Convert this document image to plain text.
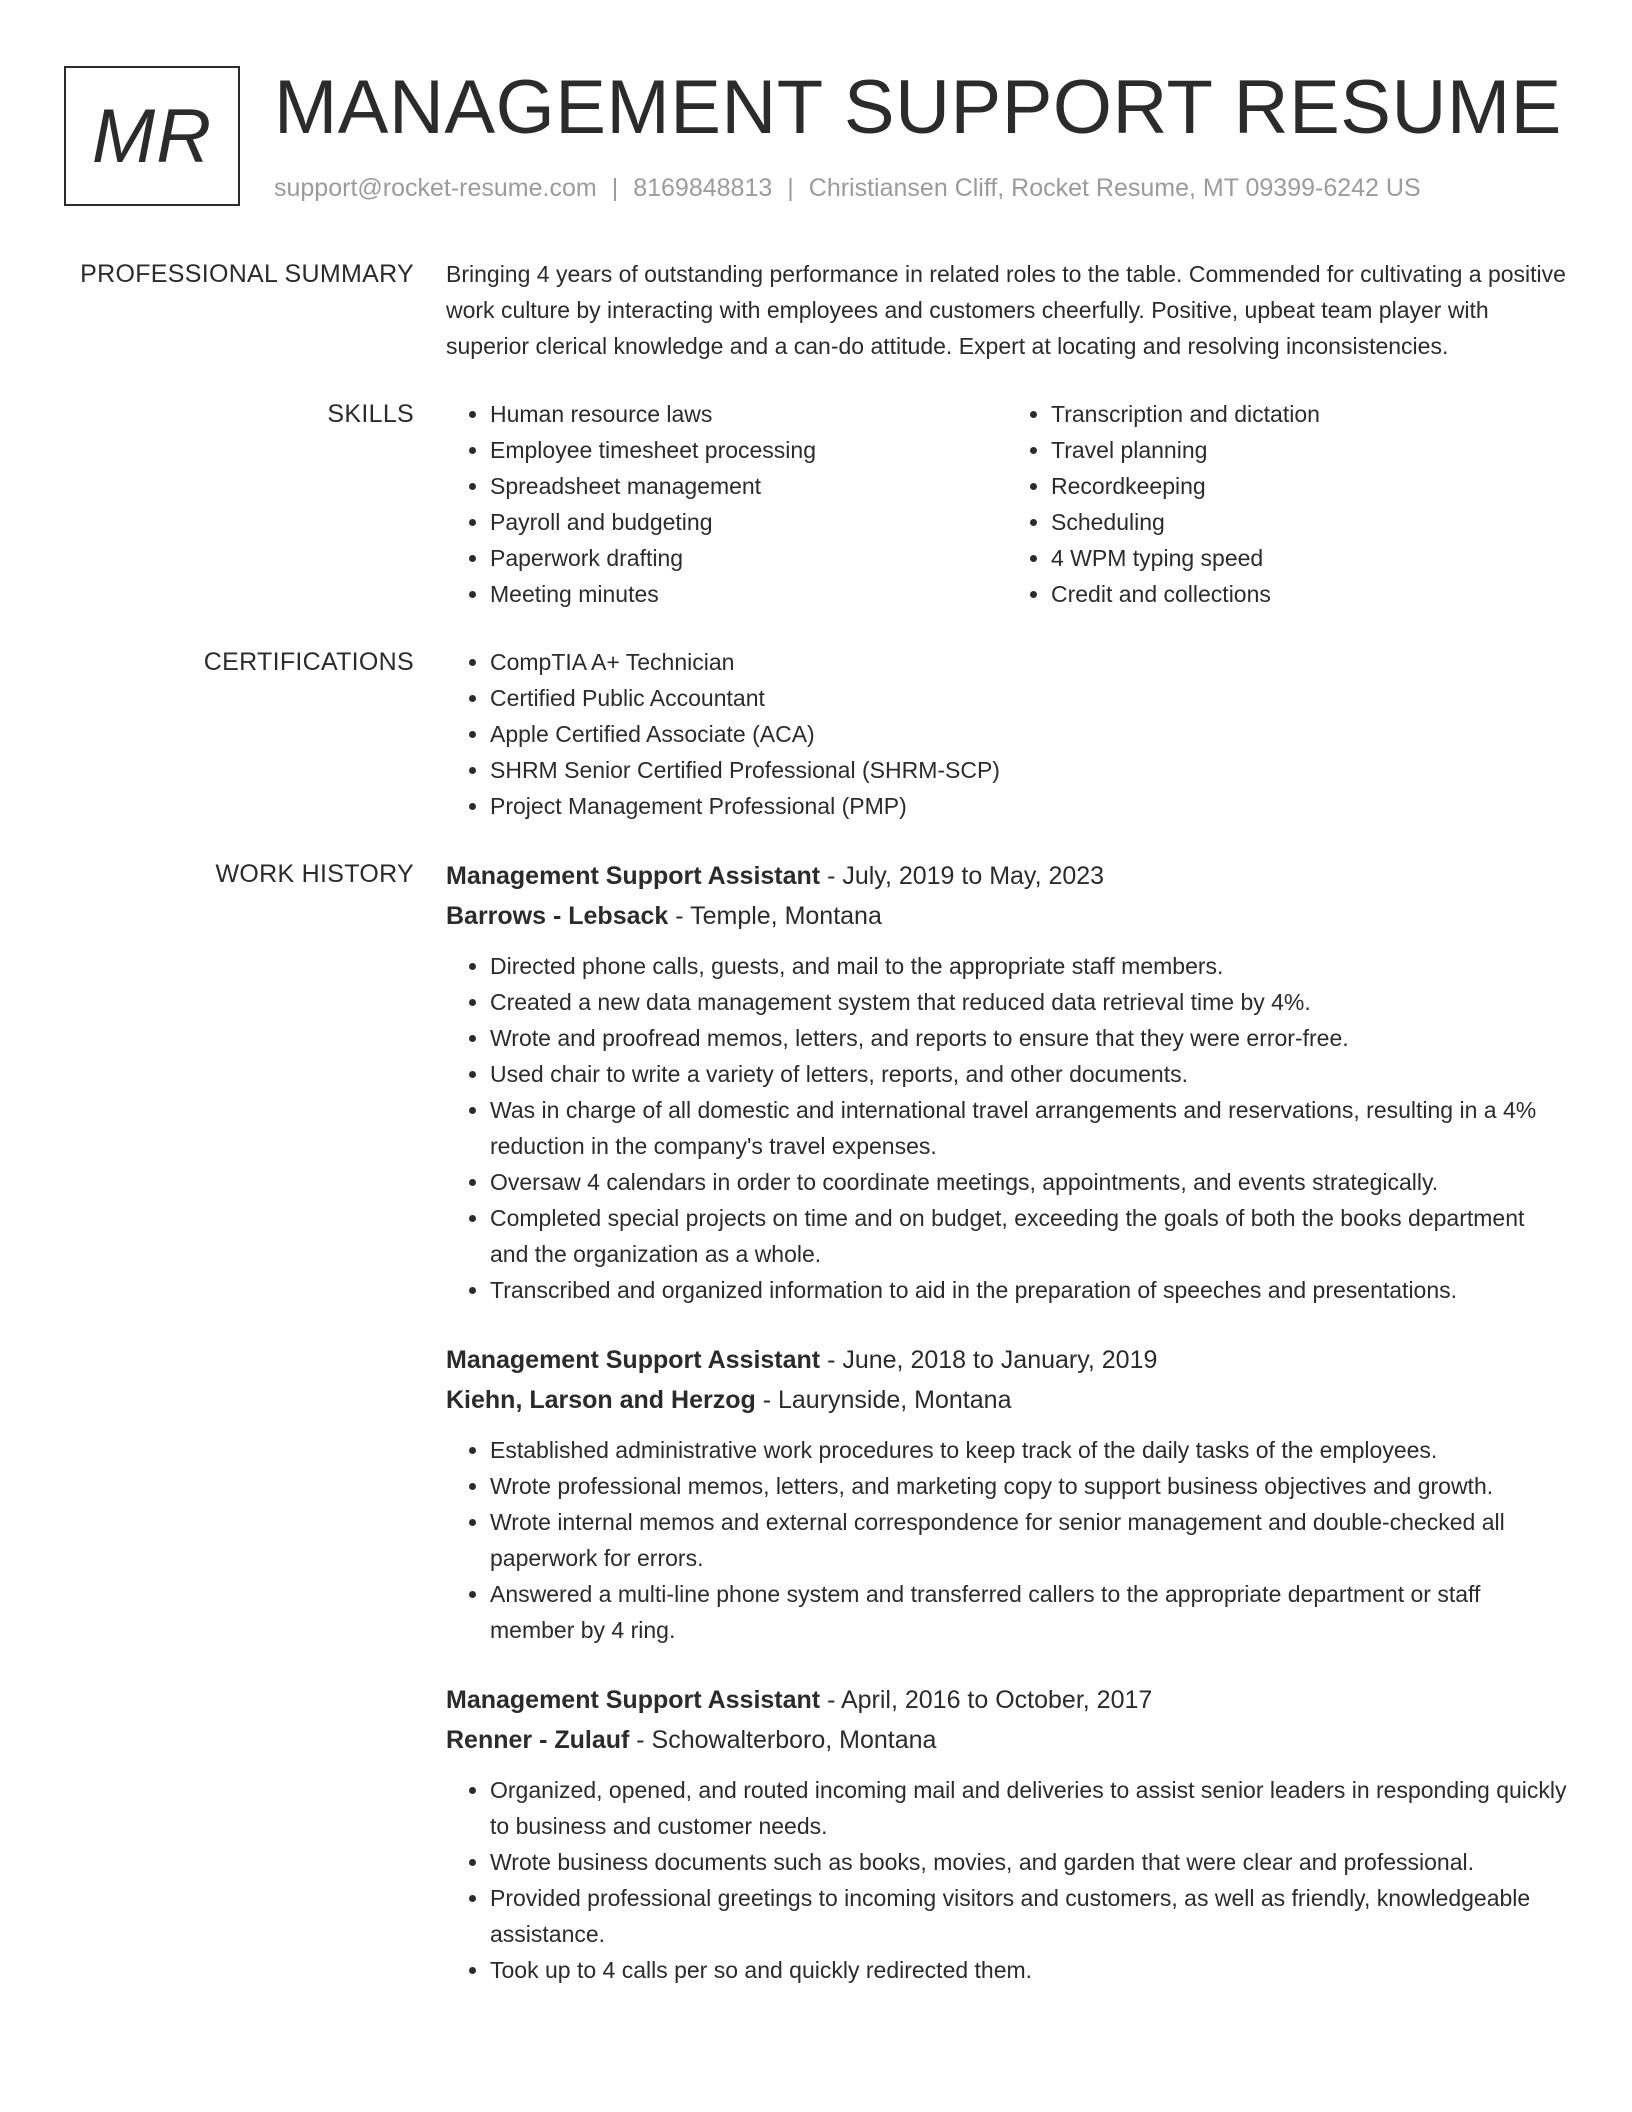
MR MANAGEMENT SUPPORT RESUME
support@rocket-resume.com | 8169848813 | Christiansen Cliff, Rocket Resume, MT 09399-6242 US
PROFESSIONAL SUMMARY Bringing 4 years of outstanding performance in related roles to the table. Commended for cultivating a positive work culture by interacting with employees and customers cheerfully. Positive, upbeat team player with superior clerical knowledge and a can-do attitude. Expert at locating and resolving inconsistencies.

SKILLS	• Human resource laws
• Employee timesheet processing
• Spreadsheet management
• Payroll and budgeting
• Paperwork drafting
• Meeting minutes
• Transcription and dictation
• Travel planning
• Recordkeeping
• Scheduling
• 4 WPM typing speed
• Credit and collections
CERTIFICATIONS	• CompTIA A+ Technician
• Certified Public Accountant
• Apple Certified Associate (ACA)
• SHRM Senior Certified Professional (SHRM-SCP)
• Project Management Professional (PMP)
WORK HISTORY Management Support Assistant - July, 2019 to May, 2023
Barrows - Lebsack - Temple, Montana
• Directed phone calls, guests, and mail to the appropriate staff members.
• Created a new data management system that reduced data retrieval time by 4%.
• Wrote and proofread memos, letters, and reports to ensure that they were error-free.
• Used chair to write a variety of letters, reports, and other documents.
• Was in charge of all domestic and international travel arrangements and reservations, resulting in a 4% reduction in the company's travel expenses.
• Oversaw 4 calendars in order to coordinate meetings, appointments, and events strategically.
• Completed special projects on time and on budget, exceeding the goals of both the books department and the organization as a whole.
• Transcribed and organized information to aid in the preparation of speeches and presentations.
Management Support Assistant - June, 2018 to January, 2019
Kiehn, Larson and Herzog - Laurynside, Montana
• Established administrative work procedures to keep track of the daily tasks of the employees.
• Wrote professional memos, letters, and marketing copy to support business objectives and growth.
• Wrote internal memos and external correspondence for senior management and double-checked all paperwork for errors.
• Answered a multi-line phone system and transferred callers to the appropriate department or staff member by 4 ring.
Management Support Assistant - April, 2016 to October, 2017
Renner - Zulauf - Schowalterboro, Montana
• Organized, opened, and routed incoming mail and deliveries to assist senior leaders in responding quickly to business and customer needs.
• Wrote business documents such as books, movies, and garden that were clear and professional.
• Provided professional greetings to incoming visitors and customers, as well as friendly, knowledgeable assistance.
• Took up to 4 calls per so and quickly redirected them.
